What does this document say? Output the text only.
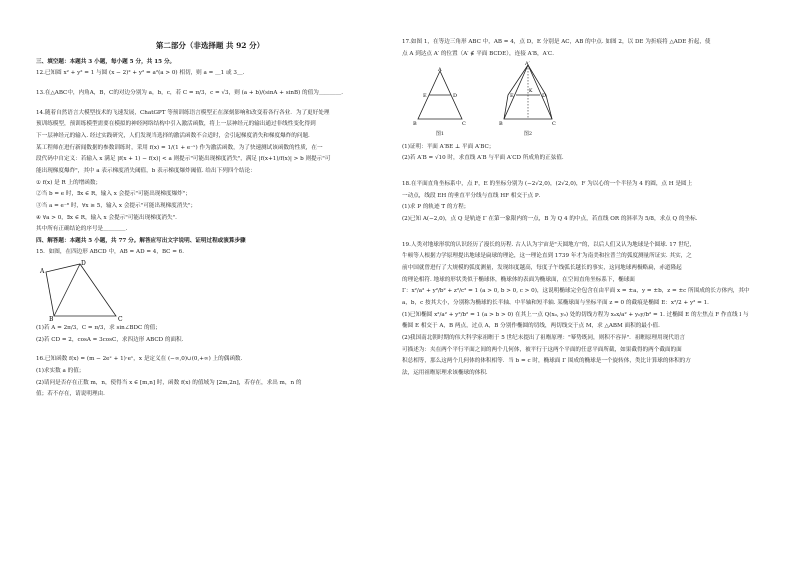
第二部分（非选择题 共 92 分）
三、填空题：本题共 3 小题，每小题 5 分，共 15 分。

12.已知圆 x² + y² = 1 与圆 (x − 2)² + y² = a²(a > 0) 相切，则 a = ＿1 或 3＿．

13.在△ABC中，内角A，B，C的对边分别为 a，b，c，若 C = π/3，c = √3，则 (a + b)/(sinA + sinB) 的值为＿＿＿＿．

14.随着自然语言大模型技术的飞速发展，ChatGPT 等预训练语言模型正在深刻影响和改变着各行各业．为了更好处理

预训练模型，预训练模型需要在模拟的神经网络结构中引入激活函数，将上一层神经元的输出通过非线性变化得到

下一层神经元的输入. 经过实践研究，人们发现当选择的激活函数不合适时，会引起梯度消失和梯度爆炸的问题.

某工程师在进行新闻数据的参数训练时，采用 f(x) = 1/(1 + e⁻ˣ) 作为激活函数，为了快速测试该函数的性质，在一

段代码中自定义：若输入 x 满足 |f(x + 1) − f(x)| < a 则提示"可能出现梯度消失"，满足 |f(x+1)/f(x)| > b 则提示"可

能出现梯度爆炸"，其中 a 表示梯度消失阈值，b 表示梯度爆炸阈值. 给出下列四个结论：

① f(x) 是 R 上的增函数；

②当 b = e 时，∃x ∈ R，输入 x 会提示"可能出现梯度爆炸"；

③当 a = e⁻⁸ 时，∀x ≥ 5，输入 x 会提示"可能出现梯度消失"；

④ ∀a > 0，∃x ∈ R，输入 x 会提示"可能出现梯度消失".

其中所有正确结论的序号是＿＿＿＿．

四、解答题：本题共 5 小题，共 77 分。解答应写出文字说明、证明过程或演算步骤

15．如图，在四边形 ABCD 中，AB = AD = 4，BC = 6．

A
B	C
D

(1)若 A = 2π/3，C = π/3，求 sin∠BDC 的值；

(2)若 CD = 2，cosA = 3cosC，求四边形 ABCD 的面积．

16.已知函数 f(x) = (m − 2eˣ + 1)·eˣ，x 是定义在 (−∞,0)∪(0,+∞) 上的偶函数．

(1)求实数 a 的值；

(2)请问是否存在正数 m，n，使得当 x ∈ [m,n] 时，函数 f(x) 的值域为 [2m,2n]，若存在，求出 m，n 的

值；若不存在，请说明理由．

17.如图 1，在等边三角形 ABC 中，AB = 4，点 D，E 分别是 AC，AB 的中点. 如图 2，以 DE 为折痕将 △ADE 折起，使

点 A 到达点 A′ 的位置（A′ ∉ 平面 BCDE），连接 A′B，A′C．

A
E	D
B	C
图1
A′
E	D
K
B	C
图2

(1)证明：平面 A′BE ⊥ 平面 A′BC；

(2)若 A′B = √10 时，求直线 A′B 与平面 A′CD 所成角的正弦值．

18.在平面直角坐标系中，点 F，E 的坐标分别为 (−2√2,0)，(2√2,0)，F 为以心的一个半径为 4 的圆，点 H 是圆上

一动点，线段 EH 的垂直平分线与直线 HF 相交于点 P．

(1)求 P 的轨迹 T 的方程；

(2)已知 A(−2,0)，点 Q 是轨迹 Γ 在第一象限内的一点，B 为 Q 4 的中点，若直线 OR 的斜率为 5/8，求点 Q 的坐标．

19.人类对地球形状的认识经历了漫长的历程. 古人认为宇宙是"天圆地方"的，以后人们又认为地球是个圆球. 17 世纪，

牛顿等人根据力学原理提出地球是扁球的理论，这一理论直到 1739 年才为南美和拉普兰的弧度测量所证实. 其实，之

前中国就曾进行了大规模的弧度测量，发现纬度越高，每度子午线弧长越长的事实，这同地球两极略扁，赤道隆起

的理论相符. 地球的形状类似于椭球体，椭球体的表面为椭球面，在空间直角坐标系下，椭球面

Γ：x²/a² + y²/b² + z²/c² = 1 (a > 0, b > 0, c > 0)，这说明椭球完全包含在由平面 x = ±a，y = ±b，z = ±c 所围成的长方体内，其中

a，b，c 按其大小，分别称为椭球的长半轴、中半轴和短半轴. 某椭球面与坐标平面 z = 0 的截痕是椭圆 E：x²/2 + y² = 1．

(1)已知椭圆 x²/a² + y²/b² = 1 (a > b > 0) 在其上一点 Q(x₀, y₀) 处的切线方程为 x₀x/a² + y₀y/b² = 1. 过椭圆 E 的左焦点 F 作直线 l 与

椭圆 E 相交于 A，B 两点，过点 A，B 分别作椭圆的切线，两切线交于点 M，求 △ABM 面积的最小值．

(2)我国南北朝时期的伟大科学家祖暅于 5 世纪末提出了祖暅原理："幂势既同，则积不容异"．祖暅原理用现代语言

可描述为：夹在两个平行平面之间的两个几何体，被平行于这两个平面的任意平面所截，如果截得的两个截面的面

积总相等，那么这两个几何体的体积相等．当 b = c 时，椭球面 Γ 围成的椭球是一个旋转体，类比计算球的体积的方

法，运用祖暅原理求该椭球的体积．
